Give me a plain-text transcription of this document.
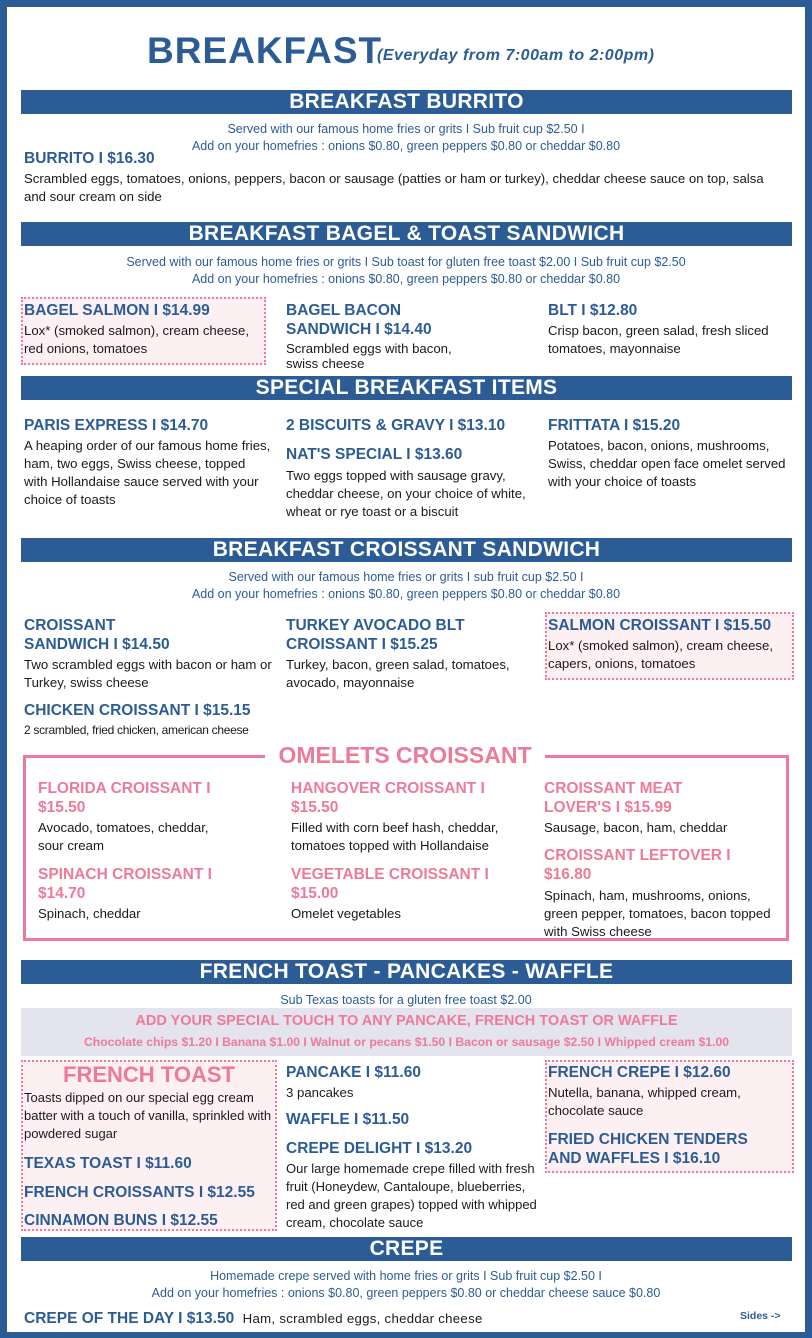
BREAKFAST
(Everyday from 7:00am to 2:00pm)
BREAKFAST BURRITO
Served with our famous home fries or grits I Sub fruit cup $2.50 I
Add on your homefries : onions $0.80, green peppers $0.80 or cheddar $0.80
BURRITO I $16.30
Scrambled eggs, tomatoes, onions, peppers, bacon or sausage (patties or ham or turkey), cheddar cheese sauce on top, salsa
and sour cream on side
BREAKFAST BAGEL & TOAST SANDWICH
Served with our famous home fries or grits I Sub toast for gluten free toast $2.00 I Sub fruit cup $2.50
Add on your homefries : onions $0.80, green peppers $0.80 or cheddar $0.80
BAGEL SALMON I $14.99
Lox* (smoked salmon), cream cheese, red onions, tomatoes
BAGEL BACON SANDWICH I $14.40
Scrambled eggs with bacon, swiss cheese
BLT I $12.80
Crisp bacon, green salad, fresh sliced tomatoes, mayonnaise
SPECIAL BREAKFAST ITEMS
PARIS EXPRESS I $14.70
A heaping order of our famous home fries, ham, two eggs, Swiss cheese, topped with Hollandaise sauce served with your choice of toasts
2 BISCUITS & GRAVY I $13.10
NAT'S SPECIAL I $13.60
Two eggs topped with sausage gravy, cheddar cheese, on your choice of white, wheat or rye toast or a biscuit
FRITTATA I $15.20
Potatoes, bacon, onions, mushrooms, Swiss, cheddar open face omelet served with your choice of toasts
BREAKFAST CROISSANT SANDWICH
Served with our famous home fries or grits I sub fruit cup $2.50 I
Add on your homefries : onions $0.80, green peppers $0.80 or cheddar $0.80
CROISSANT SANDWICH I $14.50
Two scrambled eggs with bacon or ham or Turkey, swiss cheese
CHICKEN CROISSANT I $15.15
2 scrambled, fried chicken, american cheese
TURKEY AVOCADO BLT CROISSANT I $15.25
Turkey, bacon, green salad, tomatoes, avocado, mayonnaise
SALMON CROISSANT I $15.50
Lox* (smoked salmon), cream cheese, capers, onions, tomatoes
OMELETS CROISSANT
FLORIDA CROISSANT I $15.50
Avocado, tomatoes, cheddar, sour cream
SPINACH CROISSANT I $14.70
Spinach, cheddar
HANGOVER CROISSANT I $15.50
Filled with corn beef hash, cheddar, tomatoes topped with Hollandaise
VEGETABLE CROISSANT I $15.00
Omelet vegetables
CROISSANT MEAT LOVER'S I $15.99
Sausage, bacon, ham, cheddar
CROISSANT LEFTOVER I $16.80
Spinach, ham, mushrooms, onions, green pepper, tomatoes, bacon topped with Swiss cheese
FRENCH TOAST - PANCAKES - WAFFLE
Sub Texas toasts for a gluten free toast $2.00
ADD YOUR SPECIAL TOUCH TO ANY PANCAKE, FRENCH TOAST OR WAFFLE
Chocolate chips $1.20 I Banana $1.00 I Walnut or pecans $1.50 I Bacon or sausage $2.50 I Whipped cream $1.00
FRENCH TOAST
Toasts dipped on our special egg cream batter with a touch of vanilla, sprinkled with powdered sugar
TEXAS TOAST I $11.60
FRENCH CROISSANTS I $12.55
CINNAMON BUNS I $12.55
PANCAKE I $11.60
3 pancakes
WAFFLE I $11.50
CREPE DELIGHT I $13.20
Our large homemade crepe filled with fresh fruit (Honeydew, Cantaloupe, blueberries, red and green grapes) topped with whipped cream, chocolate sauce
FRENCH CREPE I $12.60
Nutella, banana, whipped cream, chocolate sauce
FRIED CHICKEN TENDERS AND WAFFLES I $16.10
CREPE
Homemade crepe served with home fries or grits I Sub fruit cup $2.50 I
Add on your homefries : onions $0.80, green peppers $0.80 or cheddar cheese sauce $0.80
CREPE OF THE DAY I $13.50 Ham, scrambled eggs, cheddar cheese	Sides ->
